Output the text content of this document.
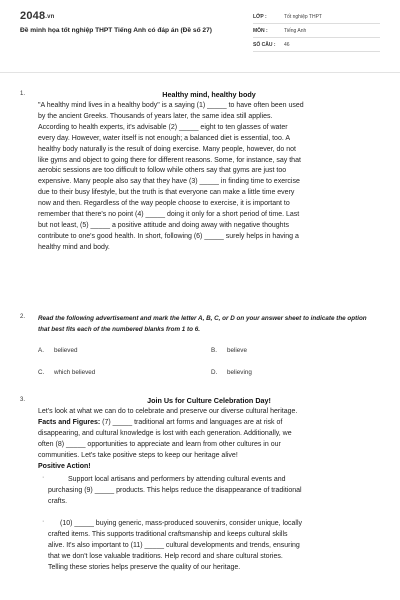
2048.vn
Đề minh họa tốt nghiệp THPT Tiếng Anh có đáp án (Đề số 27)
LỚP :	Tốt nghiệp THPT
MÔN :	Tiếng Anh
SỐ CÂU :	46
1.	Healthy mind, healthy body
"A healthy mind lives in a healthy body" is a saying (1) _____ to have often been used
by the ancient Greeks. Thousands of years later, the same idea still applies.
According to health experts, it's advisable (2) _____ eight to ten glasses of water
every day. However, water itself is not enough; a balanced diet is essential, too. A
healthy body naturally is the result of doing exercise. Many people, however, do not
like gyms and object to going there for different reasons. Some, for instance, say that
aerobic sessions are too difficult to follow while others say that gyms are just too
expensive. Many people also say that they have (3) _____ in finding time to exercise
due to their busy lifestyle, but the truth is that everyone can make a little time every
now and then. Regardless of the way people choose to exercise, it is important to
remember that there's no point (4) _____ doing it only for a short period of time. Last
but not least, (5) _____ a positive attitude and doing away with negative thoughts
contribute to one's good health. In short, following (6) _____ surely helps in having a
healthy mind and body.
2. Read the following advertisement and mark the letter A, B, C, or D on your answer sheet to indicate the option that best fits each of the numbered blanks from 1 to 6.
A. believed	B. believe
C. which believed	D. believing
3.	Join Us for Culture Celebration Day!
Let's look at what we can do to celebrate and preserve our diverse cultural heritage.
Facts and Figures: (7) _____ traditional art forms and languages are at risk of
disappearing, and cultural knowledge is lost with each generation. Additionally, we
often (8) _____ opportunities to appreciate and learn from other cultures in our
communities. Let's take positive steps to keep our heritage alive!
Positive Action!
·	Support local artisans and performers by attending cultural events and
purchasing (9) _____ products. This helps reduce the disappearance of traditional
crafts.
·	(10) _____ buying generic, mass-produced souvenirs, consider unique, locally
crafted items. This supports traditional craftsmanship and keeps cultural skills
alive. It's also important to (11) _____ cultural developments and trends, ensuring
that we don't lose valuable traditions. Help record and share cultural stories.
Telling these stories helps preserve the quality of our heritage.
